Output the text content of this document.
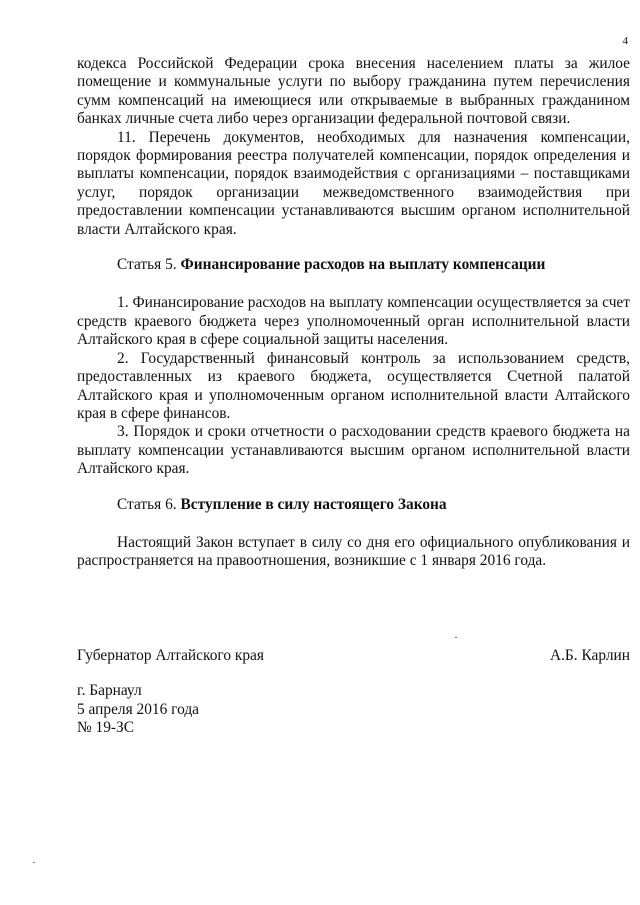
4

кодекса Российской Федерации срока внесения населением платы за жилое помещение и коммунальные услуги по выбору гражданина путем перечисления сумм компенсаций на имеющиеся или открываемые в выбранных гражданином банках личные счета либо через организации федеральной почтовой связи.

11. Перечень документов, необходимых для назначения компенсации, порядок формирования реестра получателей компенсации, порядок определения и выплаты компенсации, порядок взаимодействия с организациями – поставщиками услуг, порядок организации межведомственного взаимодействия при предоставлении компенсации устанавливаются высшим органом исполнительной власти Алтайского края.

Статья 5. Финансирование расходов на выплату компенсации

1. Финансирование расходов на выплату компенсации осуществляется за счет средств краевого бюджета через уполномоченный орган исполнительной власти Алтайского края в сфере социальной защиты населения.

2. Государственный финансовый контроль за использованием средств, предоставленных из краевого бюджета, осуществляется Счетной палатой Алтайского края и уполномоченным органом исполнительной власти Алтайского края в сфере финансов.

3. Порядок и сроки отчетности о расходовании средств краевого бюджета на выплату компенсации устанавливаются высшим органом исполнительной власти Алтайского края.

Статья 6. Вступление в силу настоящего Закона

Настоящий Закон вступает в силу со дня его официального опубликования и распространяется на правоотношения, возникшие с 1 января 2016 года.

Губернатор Алтайского края	А.Б. Карлин

г. Барнаул

5 апреля 2016 года

№ 19-ЗС
